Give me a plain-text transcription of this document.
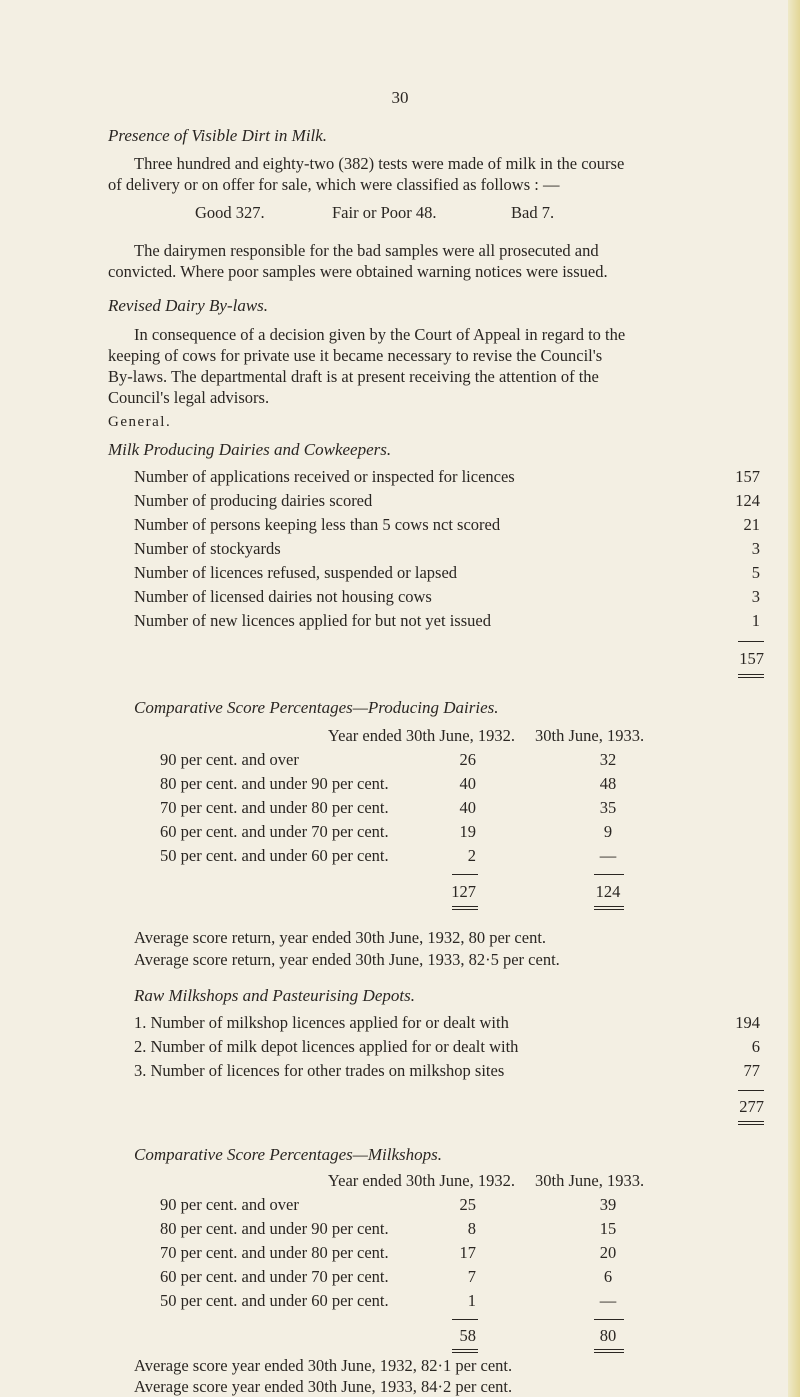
30
Presence of Visible Dirt in Milk.
Three hundred and eighty-two (382) tests were made of milk in the course
of delivery or on offer for sale, which were classified as follows : —
Good 327.	Fair or Poor 48.	Bad 7.
The dairymen responsible for the bad samples were all prosecuted and
convicted. Where poor samples were obtained warning notices were issued.
Revised Dairy By-laws.
In consequence of a decision given by the Court of Appeal in regard to the
keeping of cows for private use it became necessary to revise the Council's
By-laws. The departmental draft is at present receiving the attention of the
Council's legal advisors.
General.
Milk Producing Dairies and Cowkeepers.
Number of applications received or inspected for licences	157
Number of producing dairies scored	124
Number of persons keeping less than 5 cows nct scored	21
Number of stockyards	3
Number of licences refused, suspended or lapsed	5
Number of licensed dairies not housing cows	3
Number of new licences applied for but not yet issued	1
157
Comparative Score Percentages—Producing Dairies.
Year ended 30th June, 1932. 30th June, 1933.
90 per cent. and over	26	32
80 per cent. and under 90 per cent.	40	48
70 per cent. and under 80 per cent.	40	35
60 per cent. and under 70 per cent.	19	9
50 per cent. and under 60 per cent.	2	—
127	124
Average score return, year ended 30th June, 1932, 80 per cent.
Average score return, year ended 30th June, 1933, 82·5 per cent.
Raw Milkshops and Pasteurising Depots.
1. Number of milkshop licences applied for or dealt with	194
2. Number of milk depot licences applied for or dealt with	6
3. Number of licences for other trades on milkshop sites	77
277
Comparative Score Percentages—Milkshops.
Year ended 30th June, 1932. 30th June, 1933.
90 per cent. and over	25	39
80 per cent. and under 90 per cent.	8	15
70 per cent. and under 80 per cent.	17	20
60 per cent. and under 70 per cent.	7	6
50 per cent. and under 60 per cent.	1	—
58	80
Average score year ended 30th June, 1932, 82·1 per cent.
Average score year ended 30th June, 1933, 84·2 per cent.
